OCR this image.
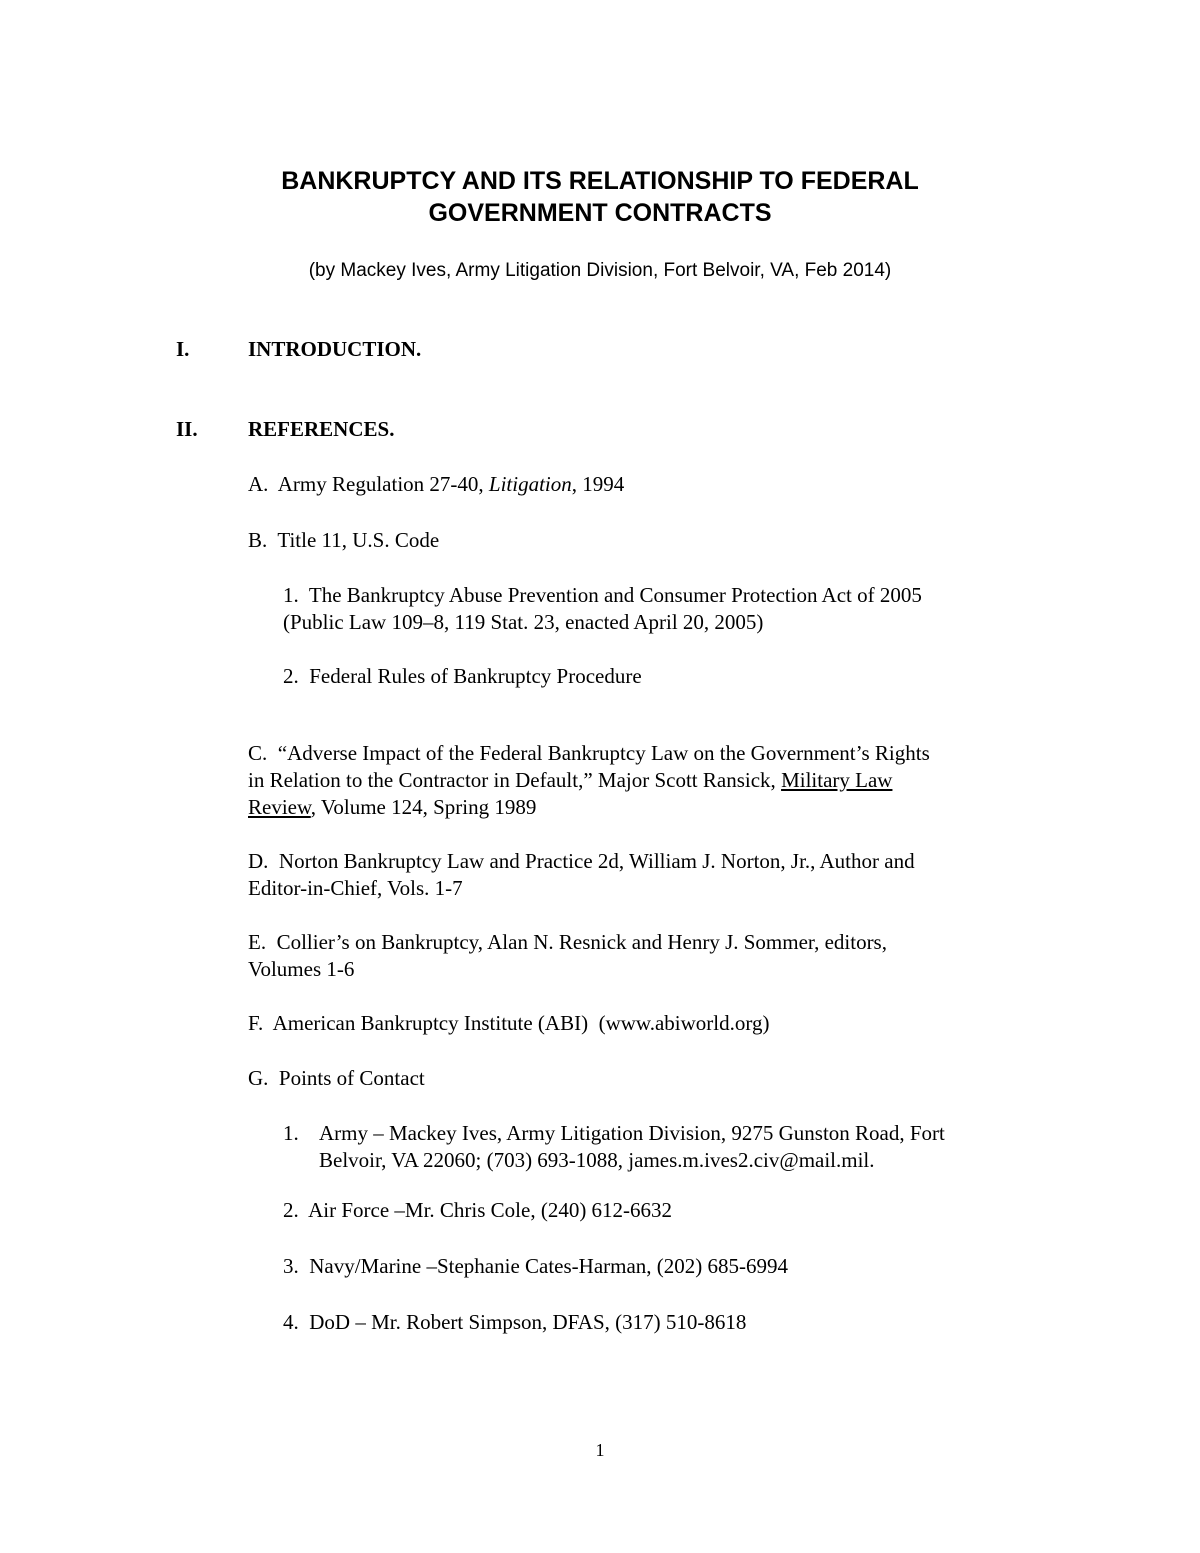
BANKRUPTCY AND ITS RELATIONSHIP TO FEDERAL
GOVERNMENT CONTRACTS
(by Mackey Ives, Army Litigation Division, Fort Belvoir, VA, Feb 2014)
I.	INTRODUCTION.
II. REFERENCES.
A.  Army Regulation 27-40, Litigation, 1994
B.  Title 11, U.S. Code
1.  The Bankruptcy Abuse Prevention and Consumer Protection Act of 2005
(Public Law 109–8, 119 Stat. 23, enacted April 20, 2005)
2.  Federal Rules of Bankruptcy Procedure
C.  “Adverse Impact of the Federal Bankruptcy Law on the Government’s Rights
in Relation to the Contractor in Default,” Major Scott Ransick, Military Law
Review, Volume 124, Spring 1989
D.  Norton Bankruptcy Law and Practice 2d, William J. Norton, Jr., Author and
Editor-in-Chief, Vols. 1-7
E.  Collier’s on Bankruptcy, Alan N. Resnick and Henry J. Sommer, editors,
Volumes 1-6
F.  American Bankruptcy Institute (ABI)  (www.abiworld.org)
G.  Points of Contact
1. Army – Mackey Ives, Army Litigation Division, 9275 Gunston Road, Fort
Belvoir, VA 22060; (703) 693-1088, james.m.ives2.civ@mail.mil.
2.  Air Force –Mr. Chris Cole, (240) 612-6632
3.  Navy/Marine –Stephanie Cates-Harman, (202) 685-6994
4.  DoD – Mr. Robert Simpson, DFAS, (317) 510-8618
1
